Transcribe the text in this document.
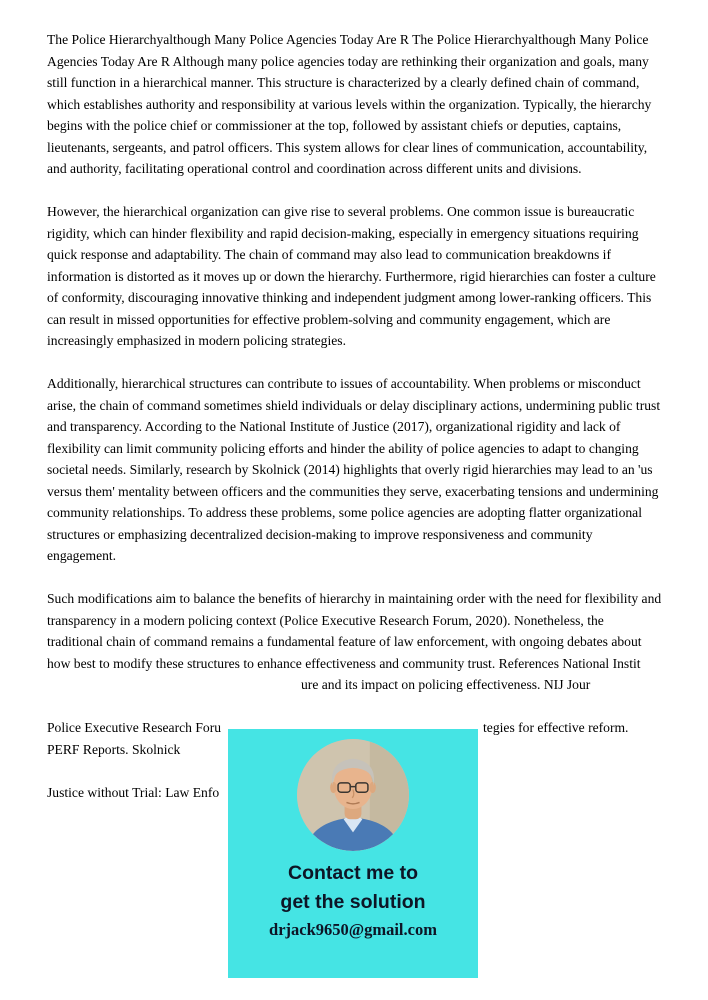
The Police Hierarchyalthough Many Police Agencies Today Are R The Police Hierarchyalthough Many Police Agencies Today Are R Although many police agencies today are rethinking their organization and goals, many still function in a hierarchical manner. This structure is characterized by a clearly defined chain of command, which establishes authority and responsibility at various levels within the organization. Typically, the hierarchy begins with the police chief or commissioner at the top, followed by assistant chiefs or deputies, captains, lieutenants, sergeants, and patrol officers. This system allows for clear lines of communication, accountability, and authority, facilitating operational control and coordination across different units and divisions.

However, the hierarchical organization can give rise to several problems. One common issue is bureaucratic rigidity, which can hinder flexibility and rapid decision-making, especially in emergency situations requiring quick response and adaptability. The chain of command may also lead to communication breakdowns if information is distorted as it moves up or down the hierarchy. Furthermore, rigid hierarchies can foster a culture of conformity, discouraging innovative thinking and independent judgment among lower-ranking officers. This can result in missed opportunities for effective problem-solving and community engagement, which are increasingly emphasized in modern policing strategies.

Additionally, hierarchical structures can contribute to issues of accountability. When problems or misconduct arise, the chain of command sometimes shield individuals or delay disciplinary actions, undermining public trust and transparency. According to the National Institute of Justice (2017), organizational rigidity and lack of flexibility can limit community policing efforts and hinder the ability of police agencies to adapt to changing societal needs. Similarly, research by Skolnick (2014) highlights that overly rigid hierarchies may lead to an 'us versus them' mentality between officers and the communities they serve, exacerbating tensions and undermining community relationships. To address these problems, some police agencies are adopting flatter organizational structures or emphasizing decentralized decision-making to improve responsiveness and community engagement.

Such modifications aim to balance the benefits of hierarchy in maintaining order with the need for flexibility and transparency in a modern policing context (Police Executive Research Forum, 2020). Nonetheless, the traditional chain of command remains a fundamental feature of law enforcement, with ongoing debates about how best to modify these structures to enhance effectiveness and community trust. References National Institure and its impact on policing effectiveness. NIJ Jour

Police Executive Research Foru	tegies for effective reform. PERF Reports. Skolnick

Justice without Trial: Law Enfo

Contact me to
get the solution
drjack9650@gmail.com
